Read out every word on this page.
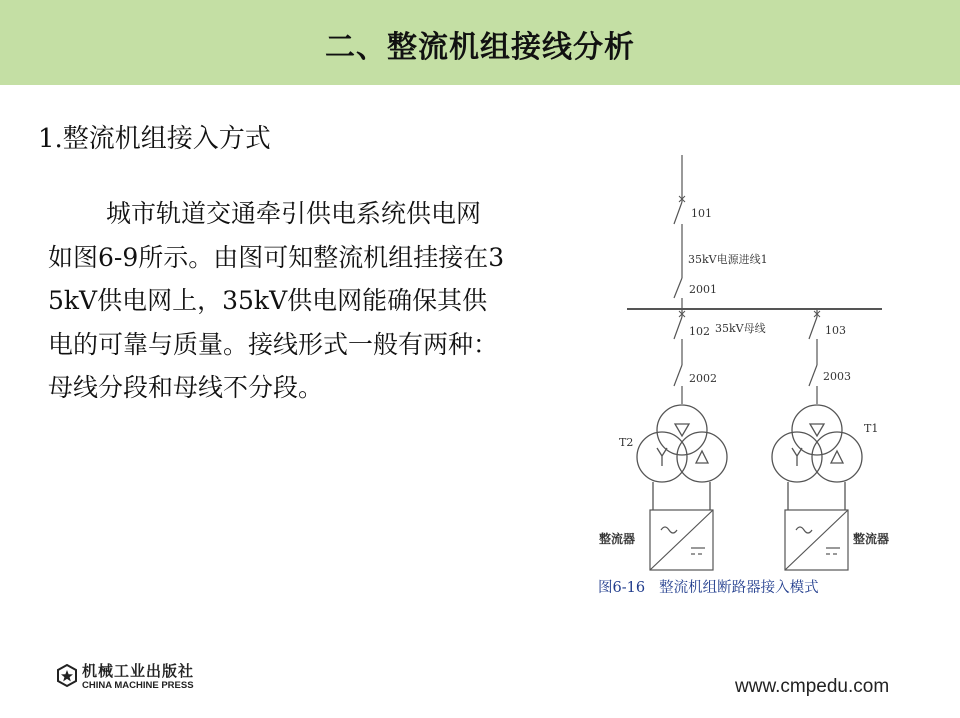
二、整流机组接线分析
1.整流机组接入方式
城市轨道交通牵引供电系统供电网
如图6-9所示。由图可知整流机组挂接在3
5kV供电网上，35kV供电网能确保其供
电的可靠与质量。接线形式一般有两种：
母线分段和母线不分段。
101
35kV电源进线1
2001
102 35kV母线	103
2002	2003
T2
T1
整流器	整流器
图6-16 整流机组断路器接入模式
机械工业出版社
CHINA MACHINE PRESS	www.cmpedu.com
